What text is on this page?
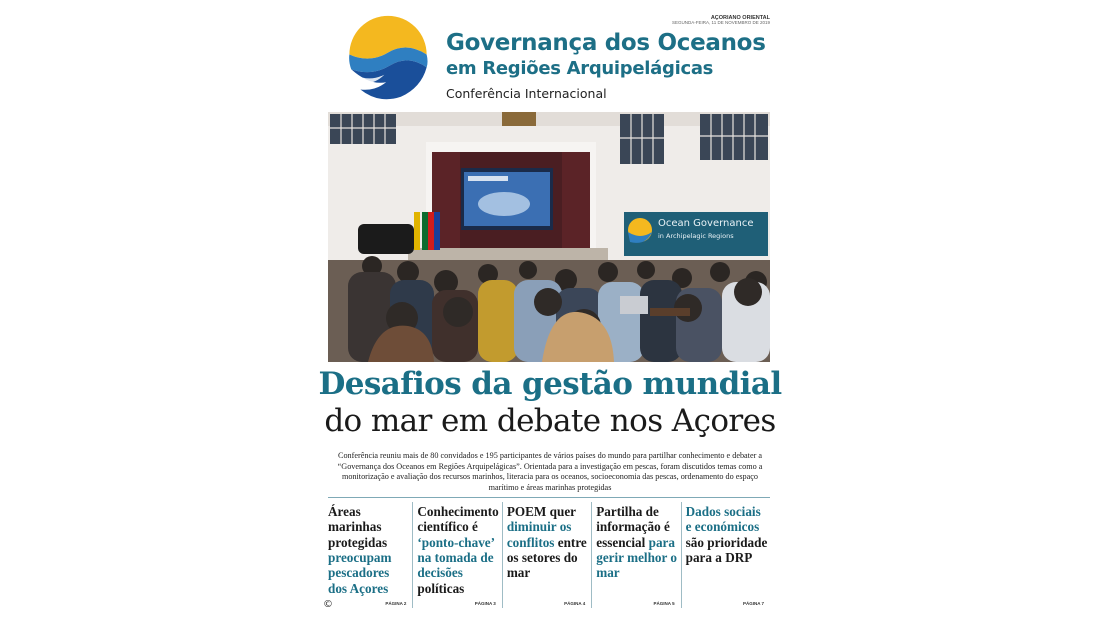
Governança dos Oceanos
em Regiões Arquipelágicas
Conferência Internacional
AÇORIANO ORIENTAL
SEGUNDA-FEIRA, 11 DE NOVEMBRO DE 2019
Ocean Governance
in Archipelagic Regions
Desafios da gestão mundial
do mar em debate nos Açores
Conferência reuniu mais de 80 convidados e 195 participantes de vários países do mundo para partilhar conhecimento e debater a “Governança dos Oceanos em Regiões Arquipelágicas”. Orientada para a investigação em pescas, foram discutidos temas como a monitorização e avaliação dos recursos marinhos, literacia para os oceanos, socioeconomia das pescas, ordenamento do espaço marítimo e áreas marinhas protegidas
Áreas marinhas protegidas preocupam pescadores dos Açores
PÁGINA 2
Conhecimento científico é ‘ponto-chave’ na tomada de decisões políticas
PÁGINA 3
POEM quer diminuir os conflitos entre os setores do mar
PÁGINA 4
Partilha de informação é essencial para gerir melhor o mar
PÁGINA 5
Dados sociais e económicos são prioridade para a DRP
PÁGINA 7
©
